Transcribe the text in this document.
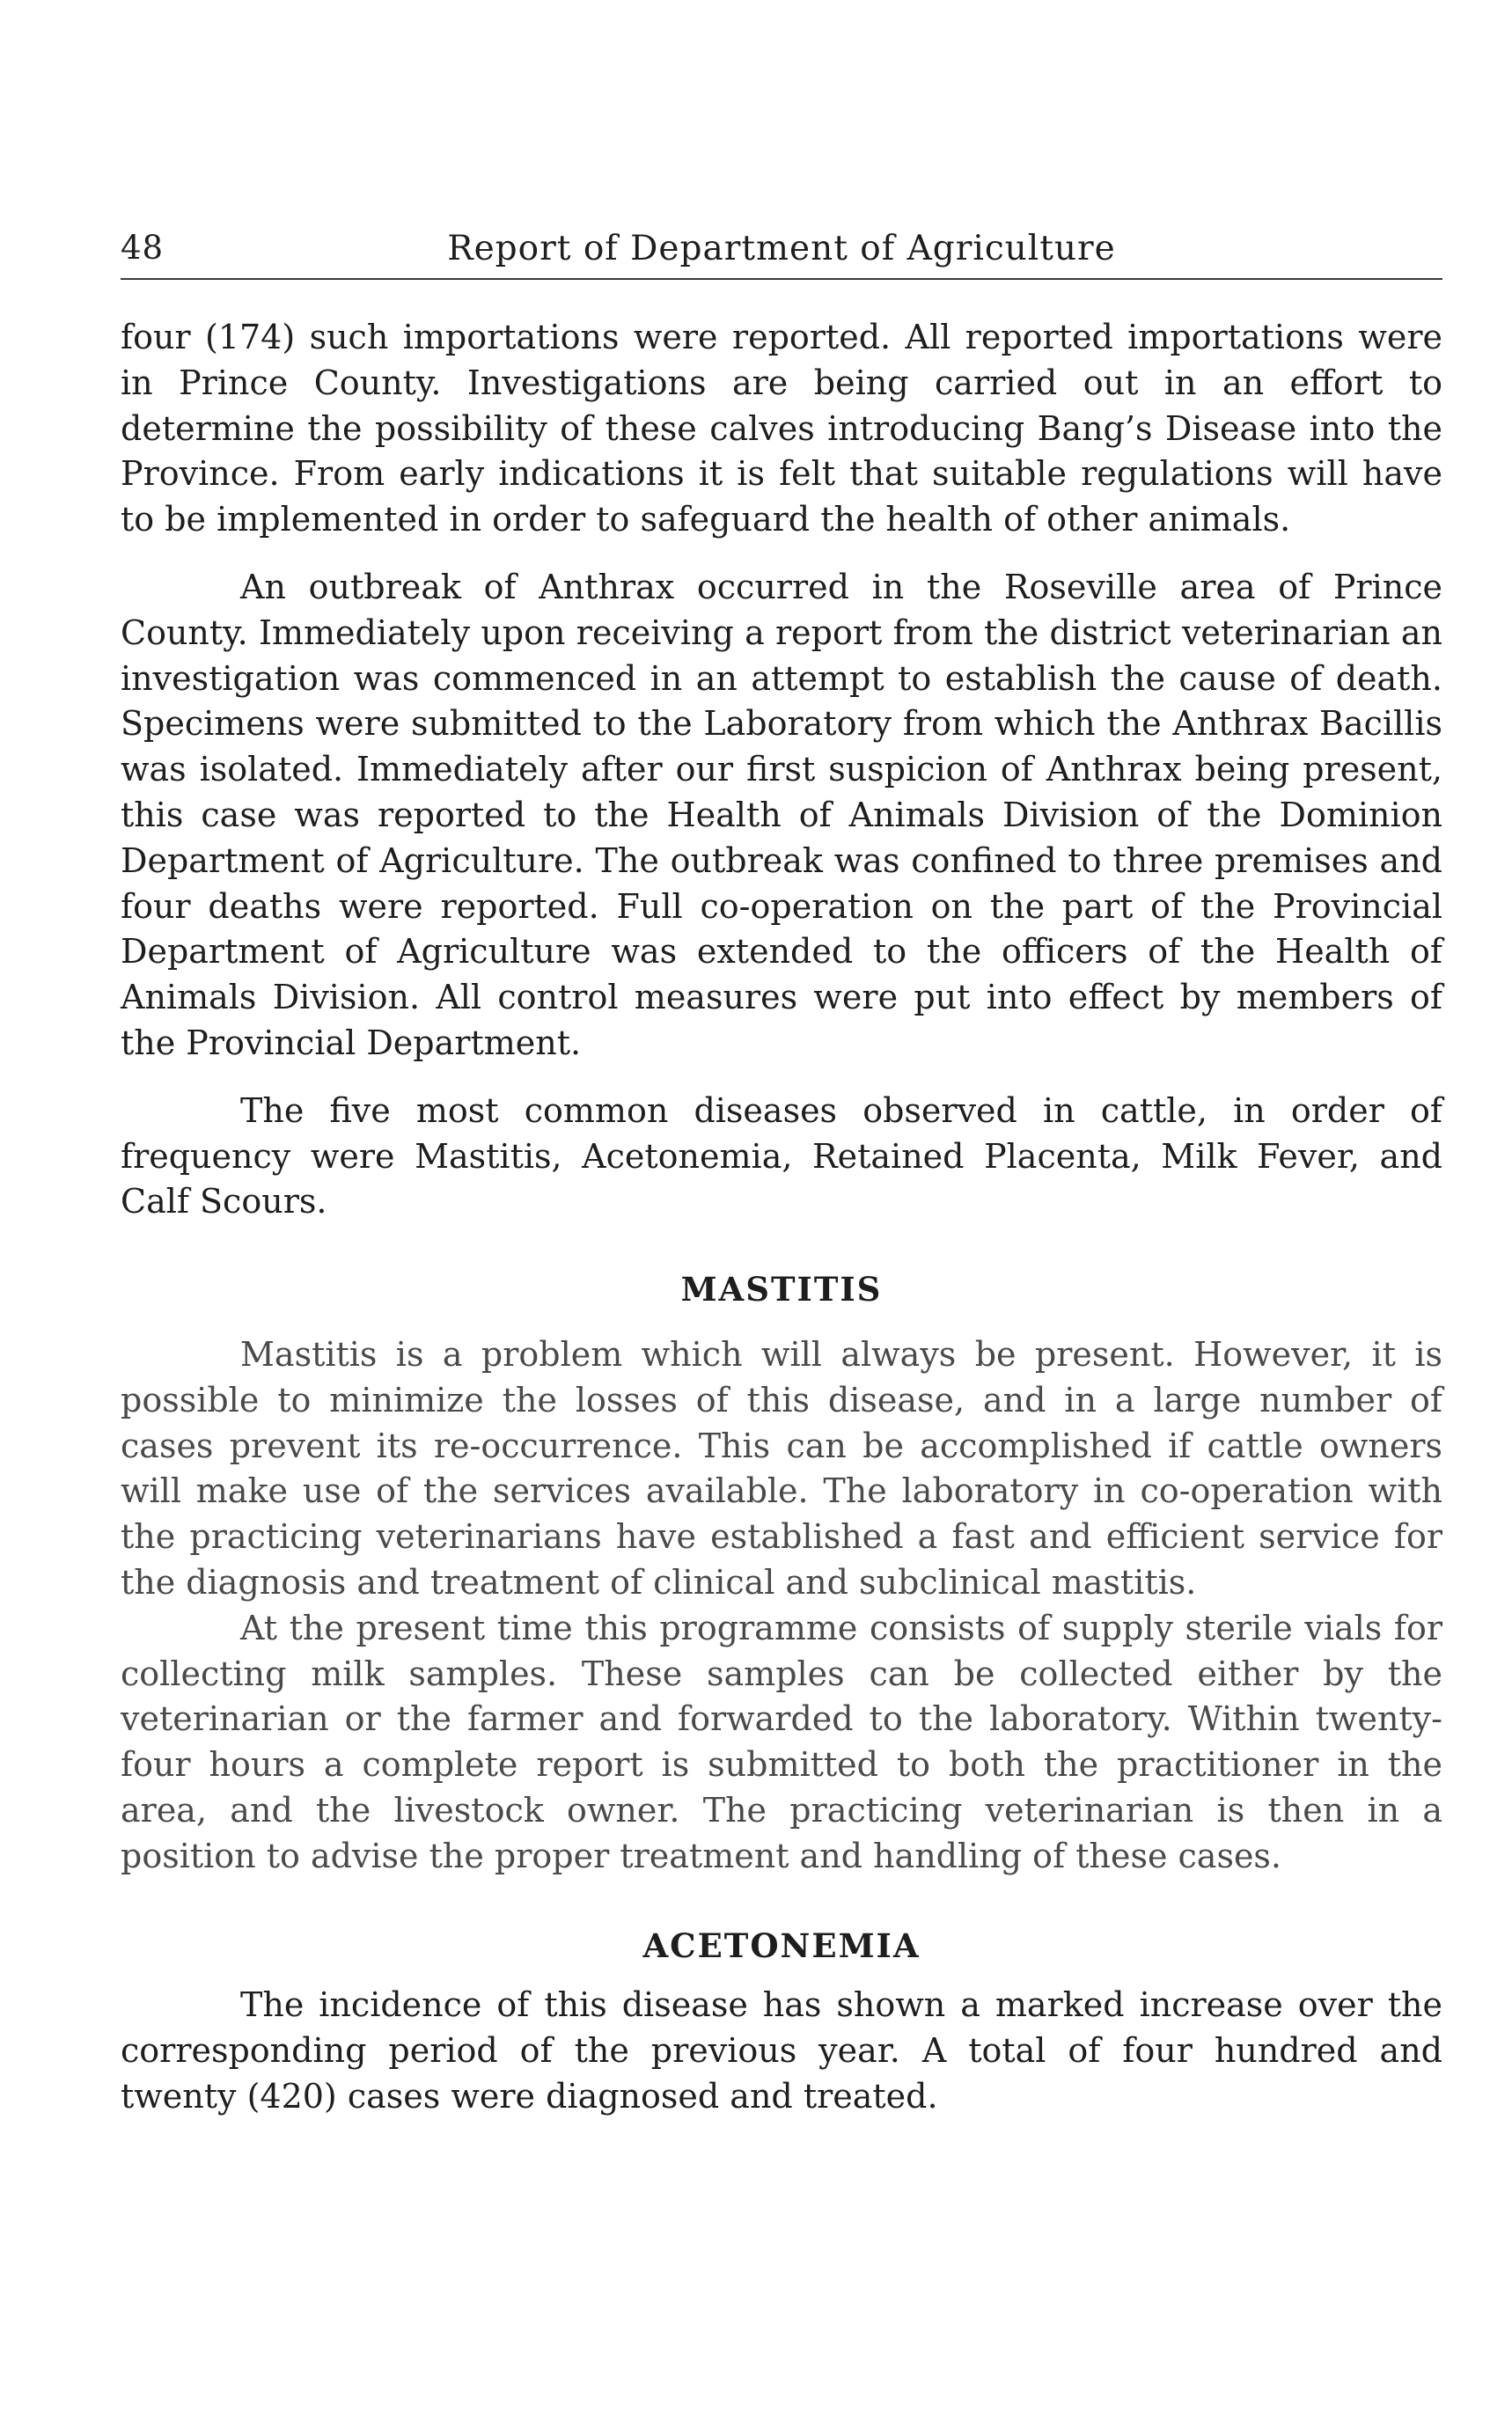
48	Report of Department of Agriculture

four (174) such importations were reported. All reported importations were in Prince County. Investigations are being carried out in an effort to determine the possibility of these calves introducing Bang’s Disease into the Province. From early indications it is felt that suitable regulations will have to be implemented in order to safeguard the health of other animals.

An outbreak of Anthrax occurred in the Roseville area of Prince County. Immediately upon receiving a report from the district veterinarian an investigation was commenced in an attempt to establish the cause of death. Specimens were submitted to the Laboratory from which the Anthrax Bacillis was isolated. Immediately after our first suspicion of Anthrax being present, this case was reported to the Health of Animals Division of the Dominion Department of Agriculture. The outbreak was confined to three premises and four deaths were reported. Full co-operation on the part of the Provincial Department of Agriculture was extended to the officers of the Health of Animals Division. All control measures were put into effect by members of the Provincial Department.

The five most common diseases observed in cattle, in order of frequency were Mastitis, Acetonemia, Retained Placenta, Milk Fever, and Calf Scours.

MASTITIS

Mastitis is a problem which will always be present. However, it is possible to minimize the losses of this disease, and in a large number of cases prevent its re-occurrence. This can be accomplished if cattle owners will make use of the services available. The laboratory in co-operation with the practicing veterinarians have established a fast and efficient service for the diagnosis and treatment of clinical and subclinical mastitis.

At the present time this programme consists of supply sterile vials for collecting milk samples. These samples can be collected either by the veterinarian or the farmer and forwarded to the laboratory. Within twenty-four hours a complete report is submitted to both the practitioner in the area, and the livestock owner. The practicing veterinarian is then in a position to advise the proper treatment and handling of these cases.

ACETONEMIA

The incidence of this disease has shown a marked increase over the corresponding period of the previous year. A total of four hundred and twenty (420) cases were diagnosed and treated.
